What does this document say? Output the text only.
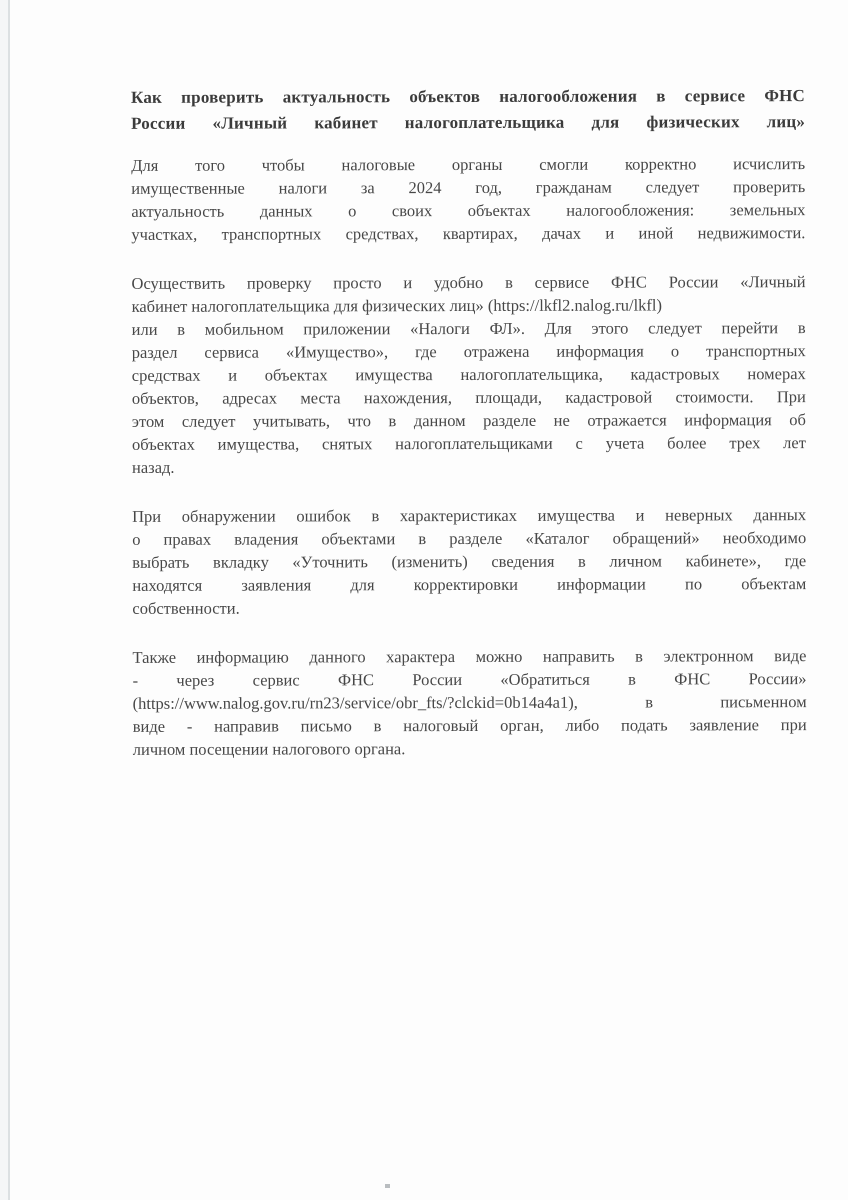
Как проверить актуальность объектов налогообложения в сервисе ФНС
России «Личный кабинет налогоплательщика для физических лиц»
Для того чтобы налоговые органы смогли корректно исчислить
имущественные налоги за 2024 год, гражданам следует проверить
актуальность данных о своих объектах налогообложения: земельных
участках, транспортных средствах, квартирах, дачах и иной недвижимости.
Осуществить проверку просто и удобно в сервисе ФНС России «Личный
кабинет налогоплательщика для физических лиц» (https://lkfl2.nalog.ru/lkfl)
или в мобильном приложении «Налоги ФЛ». Для этого следует перейти в
раздел сервиса «Имущество», где отражена информация о транспортных
средствах и объектах имущества налогоплательщика, кадастровых номерах
объектов, адресах места нахождения, площади, кадастровой стоимости. При
этом следует учитывать, что в данном разделе не отражается информация об
объектах имущества, снятых налогоплательщиками с учета более трех лет
назад.
При обнаружении ошибок в характеристиках имущества и неверных данных
о правах владения объектами в разделе «Каталог обращений» необходимо
выбрать вкладку «Уточнить (изменить) сведения в личном кабинете», где
находятся заявления для корректировки информации по объектам
собственности.
Также информацию данного характера можно направить в электронном виде
- через сервис ФНС России «Обратиться в ФНС России»
(https://www.nalog.gov.ru/rn23/service/obr_fts/?clckid=0b14a4a1), в письменном
виде - направив письмо в налоговый орган, либо подать заявление при
личном посещении налогового органа.
